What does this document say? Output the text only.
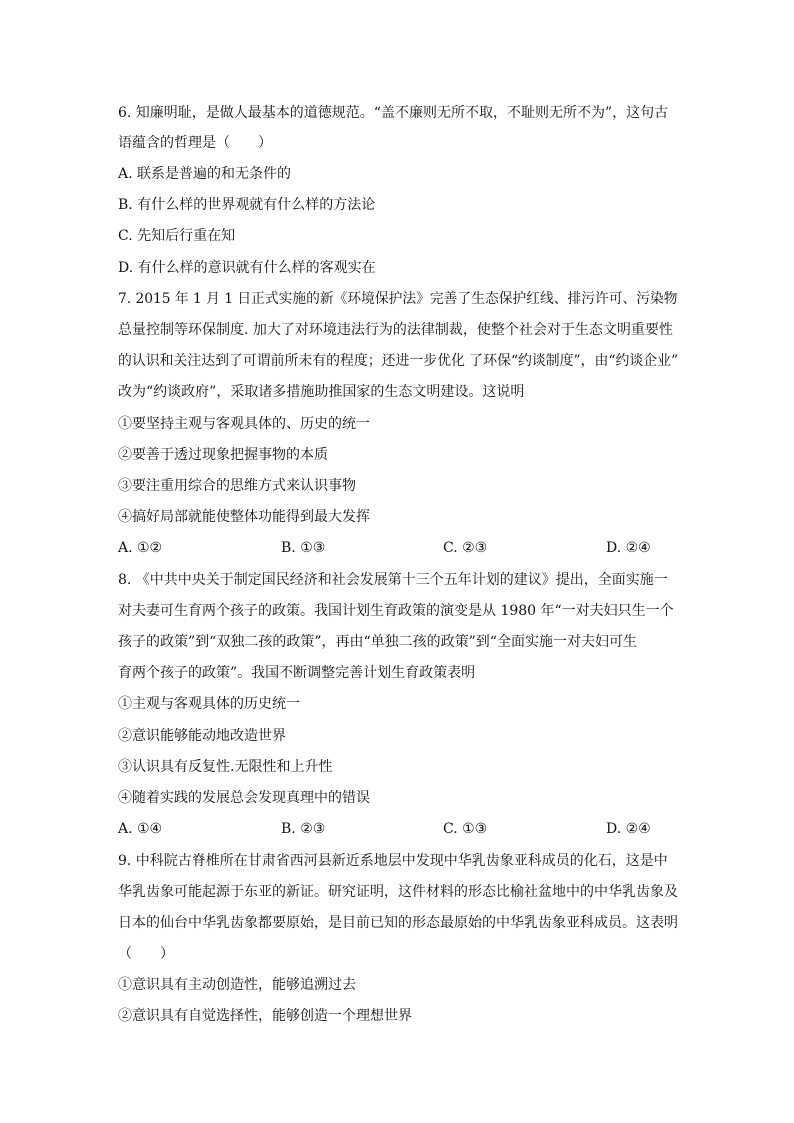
6. 知廉明耻，是做人最基本的道德规范。“盖不廉则无所不取，不耻则无所不为”，这句古
语蕴含的哲理是（　　）
A. 联系是普遍的和无条件的
B. 有什么样的世界观就有什么样的方法论
C. 先知后行重在知
D. 有什么样的意识就有什么样的客观实在
7. 2015 年 1 月 1 日正式实施的新《环境保护法》完善了生态保护红线、排污许可、污染物
总量控制等环保制度. 加大了对环境违法行为的法律制裁，使整个社会对于生态文明重要性
的认识和关注达到了可谓前所未有的程度；还进一步优化 了环保“约谈制度”，由“约谈企业”
改为“约谈政府”，采取诸多措施助推国家的生态文明建设。这说明
①要坚持主观与客观具体的、历史的统一
②要善于透过现象把握事物的本质
③要注重用综合的思维方式来认识事物
④搞好局部就能使整体功能得到最大发挥
A. ①②	B. ①③	C. ②③	D. ②④
8. 《中共中央关于制定国民经济和社会发展第十三个五年计划的建议》提出，全面实施一
对夫妻可生育两个孩子的政策。我国计划生育政策的演变是从 1980 年“一对夫妇只生一个
孩子的政策”到“双独二孩的政策”，再由“单独二孩的政策”到“全面实施一对夫妇可生
育两个孩子的政策”。我国不断调整完善计划生育政策表明
①主观与客观具体的历史统一
②意识能够能动地改造世界
③认识具有反复性.无限性和上升性
④随着实践的发展总会发现真理中的错误
A. ①④	B. ②③	C. ①③	D. ②④
9. 中科院古脊椎所在甘肃省西河县新近系地层中发现中华乳齿象亚科成员的化石，这是中
华乳齿象可能起源于东亚的新证。研究证明，这件材料的形态比榆社盆地中的中华乳齿象及
日本的仙台中华乳齿象都要原始，是目前已知的形态最原始的中华乳齿象亚科成员。这表明
（　　）
①意识具有主动创造性，能够追溯过去
②意识具有自觉选择性，能够创造一个理想世界
